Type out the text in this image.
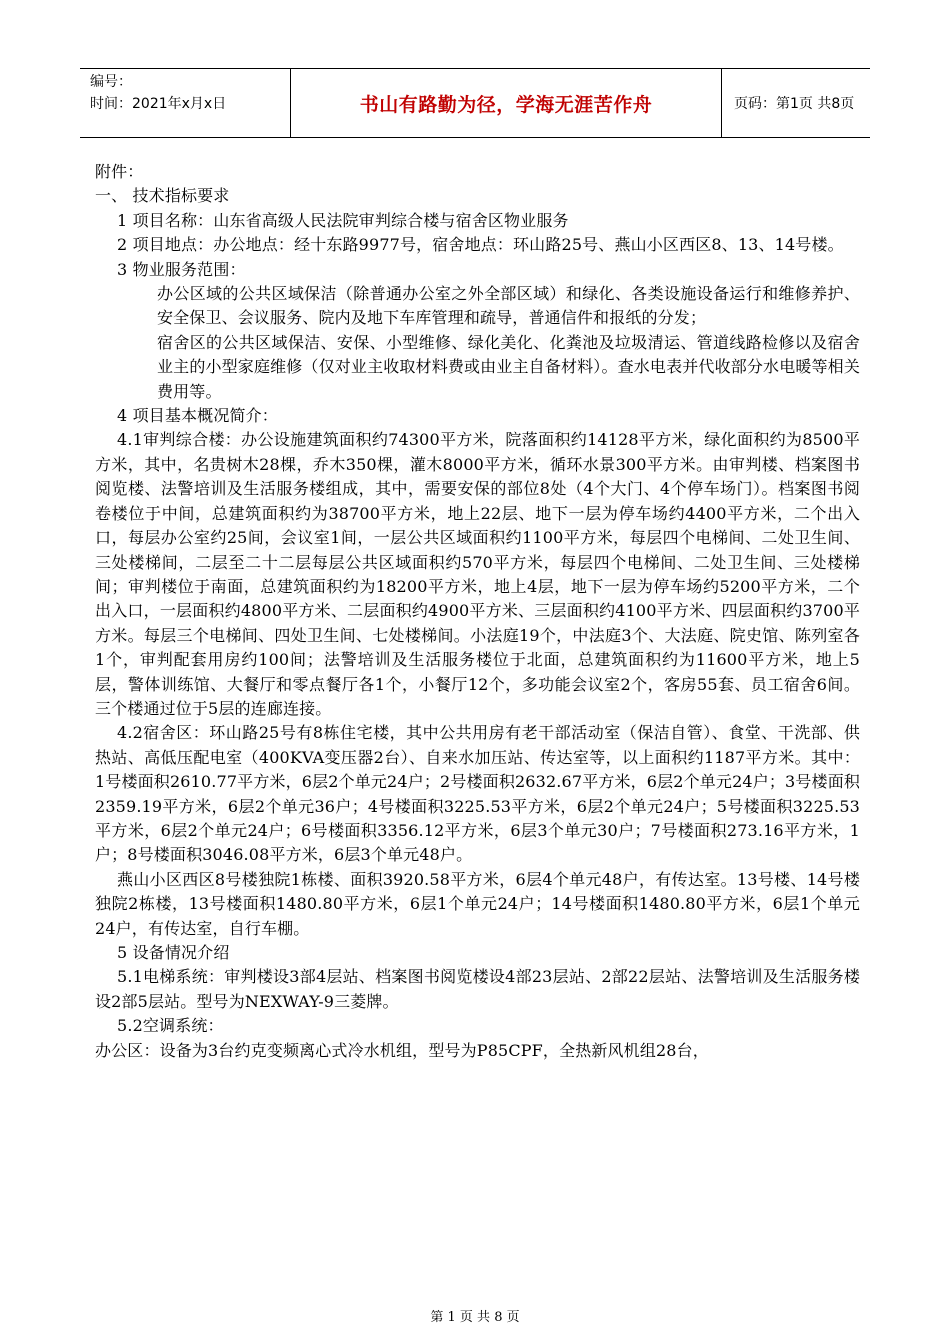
编号：
时间：2021年x月x日	书山有路勤为径，学海无涯苦作舟	页码：第1页 共8页

附件：

一、 技术指标要求

1 项目名称：山东省高级人民法院审判综合楼与宿舍区物业服务

2 项目地点：办公地点：经十东路9977号，宿舍地点：环山路25号、燕山小区西区8、13、14号楼。

3 物业服务范围：

办公区域的公共区域保洁（除普通办公室之外全部区域）和绿化、各类设施设备运行和维修养护、安全保卫、会议服务、院内及地下车库管理和疏导，普通信件和报纸的分发；

宿舍区的公共区域保洁、安保、小型维修、绿化美化、化粪池及垃圾清运、管道线路检修以及宿舍业主的小型家庭维修（仅对业主收取材料费或由业主自备材料）。查水电表并代收部分水电暖等相关费用等。

4 项目基本概况简介：

4.1审判综合楼：办公设施建筑面积约74300平方米，院落面积约14128平方米，绿化面积约为8500平方米，其中，名贵树木28棵，乔木350棵，灌木8000平方米，循环水景300平方米。由审判楼、档案图书阅览楼、法警培训及生活服务楼组成，其中，需要安保的部位8处（4个大门、4个停车场门）。档案图书阅卷楼位于中间，总建筑面积约为38700平方米，地上22层、地下一层为停车场约4400平方米，二个出入口，每层办公室约25间，会议室1间，一层公共区域面积约1100平方米，每层四个电梯间、二处卫生间、三处楼梯间，二层至二十二层每层公共区域面积约570平方米，每层四个电梯间、二处卫生间、三处楼梯间；审判楼位于南面，总建筑面积约为18200平方米，地上4层，地下一层为停车场约5200平方米，二个出入口，一层面积约4800平方米、二层面积约4900平方米、三层面积约4100平方米、四层面积约3700平方米。每层三个电梯间、四处卫生间、七处楼梯间。小法庭19个，中法庭3个、大法庭、院史馆、陈列室各1个，审判配套用房约100间；法警培训及生活服务楼位于北面，总建筑面积约为11600平方米，地上5层，警体训练馆、大餐厅和零点餐厅各1个，小餐厅12个，多功能会议室2个，客房55套、员工宿舍6间。三个楼通过位于5层的连廊连接。

4.2宿舍区：环山路25号有8栋住宅楼，其中公共用房有老干部活动室（保洁自管）、食堂、干洗部、供热站、高低压配电室（400KVA变压器2台）、自来水加压站、传达室等，以上面积约1187平方米。其中：1号楼面积2610.77平方米，6层2个单元24户；2号楼面积2632.67平方米，6层2个单元24户；3号楼面积2359.19平方米，6层2个单元36户；4号楼面积3225.53平方米，6层2个单元24户；5号楼面积3225.53平方米，6层2个单元24户；6号楼面积3356.12平方米，6层3个单元30户；7号楼面积273.16平方米，1户；8号楼面积3046.08平方米，6层3个单元48户。

燕山小区西区8号楼独院1栋楼、面积3920.58平方米，6层4个单元48户，有传达室。13号楼、14号楼独院2栋楼，13号楼面积1480.80平方米，6层1个单元24户；14号楼面积1480.80平方米，6层1个单元24户，有传达室，自行车棚。

5 设备情况介绍

5.1电梯系统：审判楼设3部4层站、档案图书阅览楼设4部23层站、2部22层站、法警培训及生活服务楼设2部5层站。型号为NEXWAY-9三菱牌。

5.2空调系统：

办公区：设备为3台约克变频离心式冷水机组，型号为P85CPF，全热新风机组28台，

第 1 页 共 8 页
